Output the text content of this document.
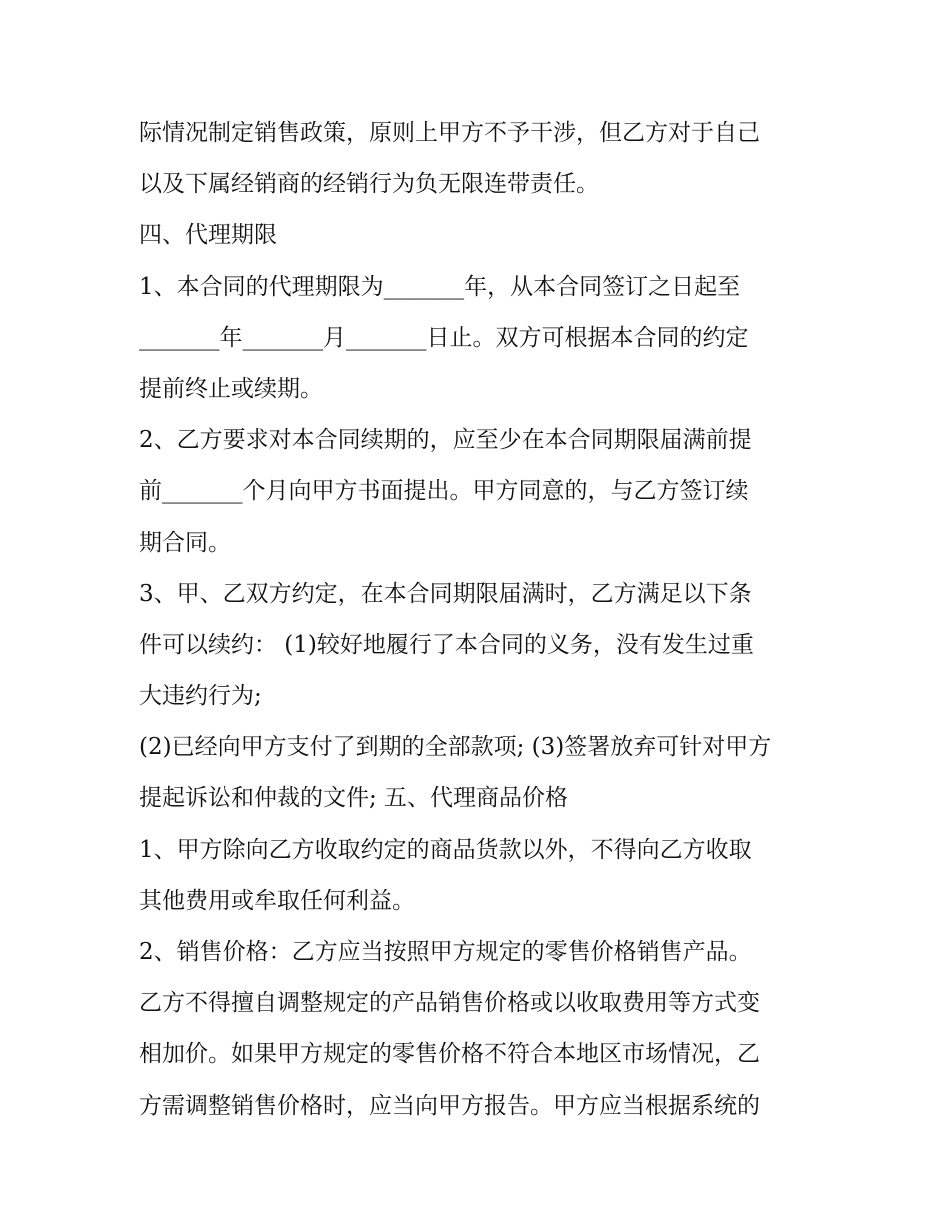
际情况制定销售政策，原则上甲方不予干涉，但乙方对于自己
以及下属经销商的经销行为负无限连带责任。
四、代理期限
1、本合同的代理期限为_______年，从本合同签订之日起至
_______年_______月_______日止。双方可根据本合同的约定
提前终止或续期。
2、乙方要求对本合同续期的，应至少在本合同期限届满前提
前_______个月向甲方书面提出。甲方同意的，与乙方签订续
期合同。
3、甲、乙双方约定，在本合同期限届满时，乙方满足以下条
件可以续约： (1)较好地履行了本合同的义务，没有发生过重
大违约行为;
(2)已经向甲方支付了到期的全部款项; (3)签署放弃可针对甲方
提起诉讼和仲裁的文件; 五、代理商品价格
1、甲方除向乙方收取约定的商品货款以外，不得向乙方收取
其他费用或牟取任何利益。
2、销售价格：乙方应当按照甲方规定的零售价格销售产品。
乙方不得擅自调整规定的产品销售价格或以收取费用等方式变
相加价。如果甲方规定的零售价格不符合本地区市场情况，乙
方需调整销售价格时，应当向甲方报告。甲方应当根据系统的
